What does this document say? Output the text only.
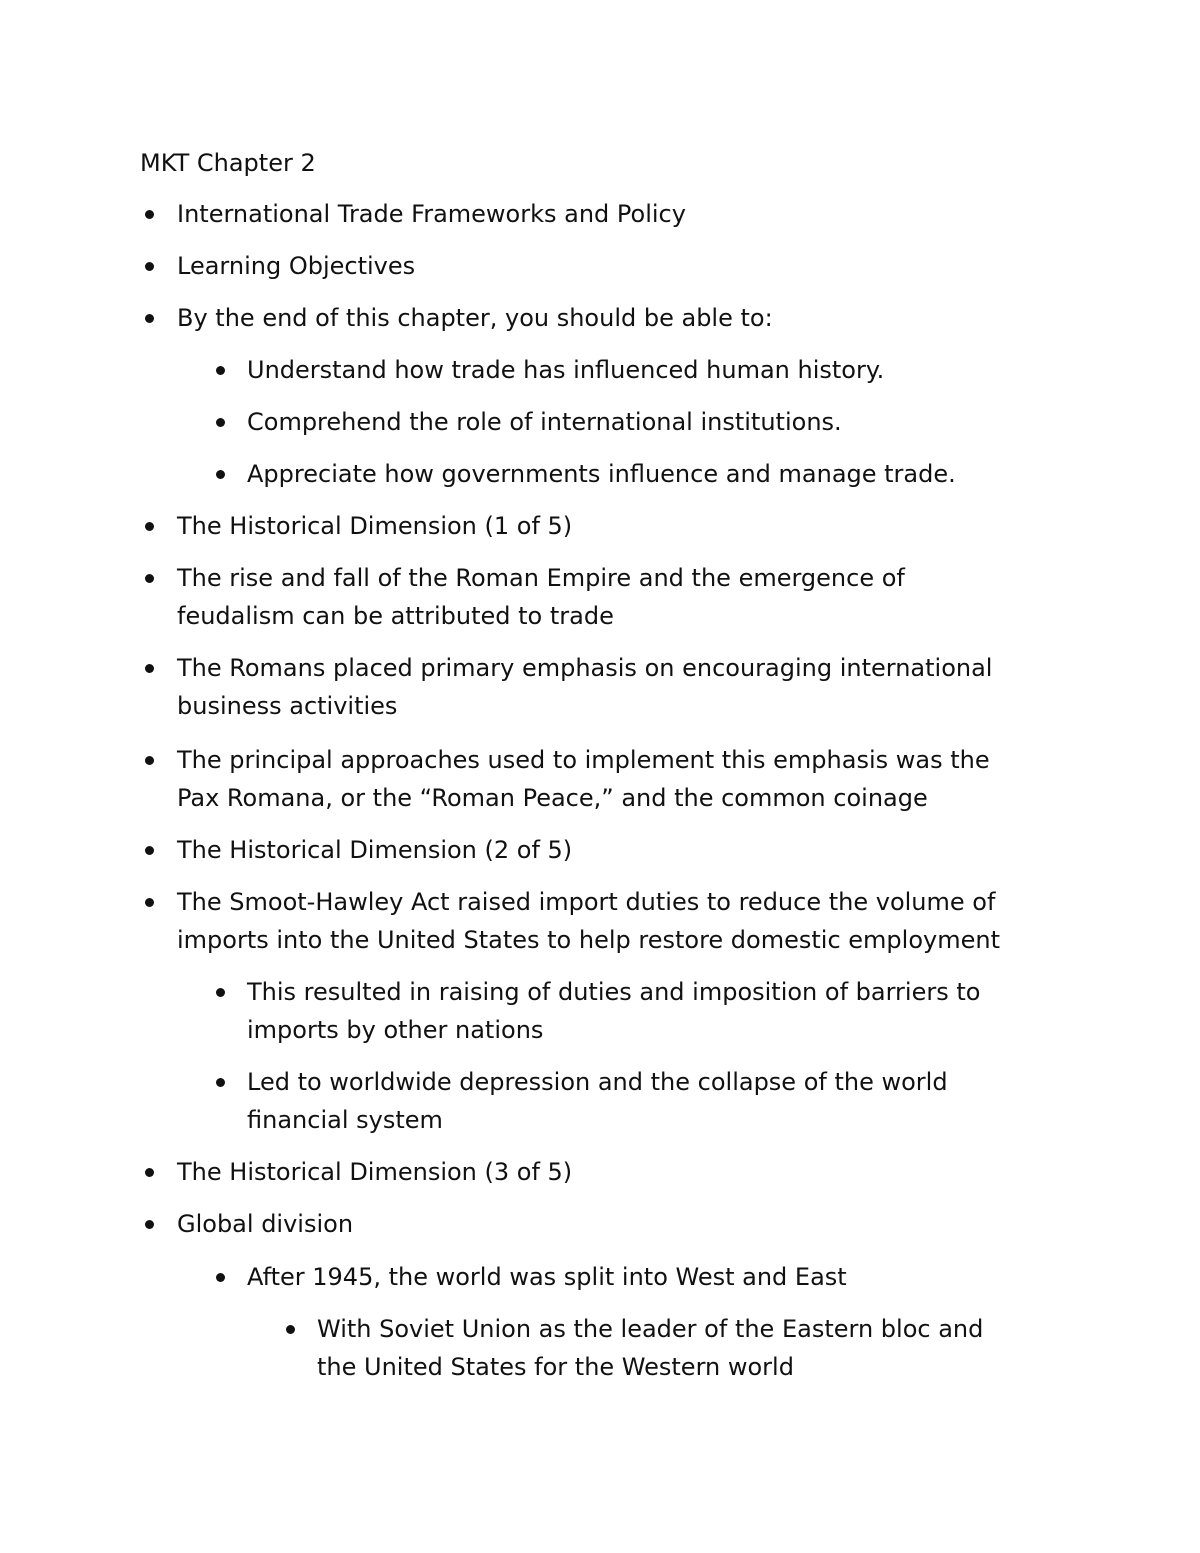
MKT Chapter 2
International Trade Frameworks and Policy
Learning Objectives
By the end of this chapter, you should be able to:
Understand how trade has influenced human history.
Comprehend the role of international institutions.
Appreciate how governments influence and manage trade.
The Historical Dimension (1 of 5)
The rise and fall of the Roman Empire and the emergence of
feudalism can be attributed to trade
The Romans placed primary emphasis on encouraging international
business activities
The principal approaches used to implement this emphasis was the
Pax Romana, or the “Roman Peace,” and the common coinage
The Historical Dimension (2 of 5)
The Smoot-Hawley Act raised import duties to reduce the volume of
imports into the United States to help restore domestic employment
This resulted in raising of duties and imposition of barriers to
imports by other nations
Led to worldwide depression and the collapse of the world
financial system
The Historical Dimension (3 of 5)
Global division
After 1945, the world was split into West and East
With Soviet Union as the leader of the Eastern bloc and
the United States for the Western world
